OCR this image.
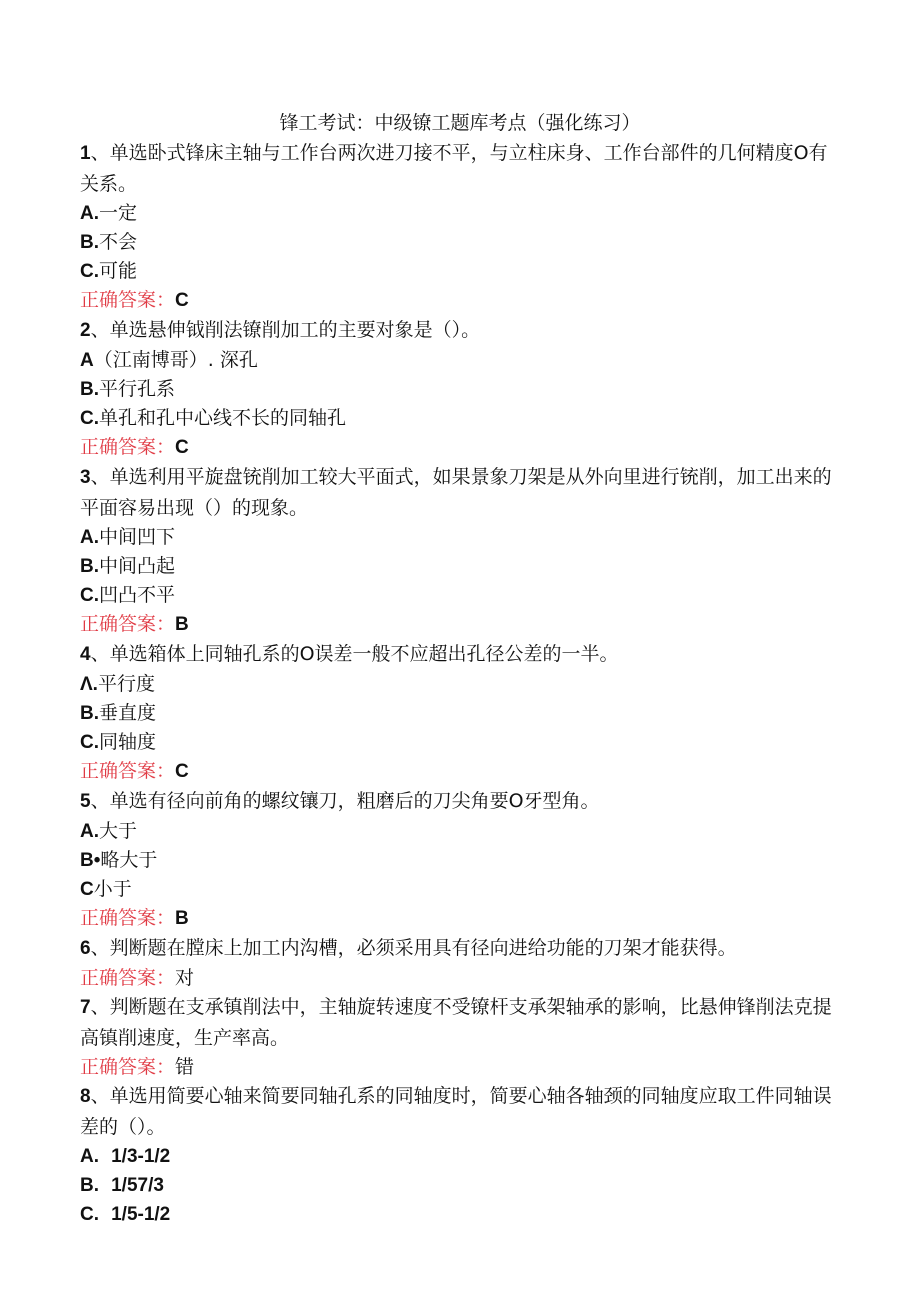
锋工考试：中级镣工题库考点（强化练习）
1、单选卧式锋床主轴与工作台两次进刀接不平，与立柱床身、工作台部件的几何精度O有关系。
A.一定
B.不会
C.可能
正确答案：C
2、单选悬伸钺削法镣削加工的主要对象是（）。
A（江南博哥）. 深孔
B.平行孔系
C.单孔和孔中心线不长的同轴孔
正确答案：C
3、单选利用平旋盘铳削加工较大平面式，如果景象刀架是从外向里进行铳削，加工出来的平面容易出现（）的现象。
A.中间凹下
B.中间凸起
C.凹凸不平
正确答案：B
4、单选箱体上同轴孔系的O误差一般不应超出孔径公差的一半。
Λ.平行度
B.垂直度
C.同轴度
正确答案：C
5、单选有径向前角的螺纹镶刀，粗磨后的刀尖角要O牙型角。
A.大于
B•略大于
C小于
正确答案：B
6、判断题在膛床上加工内沟槽，必须采用具有径向进给功能的刀架才能获得。
正确答案：对
7、判断题在支承镇削法中，主轴旋转速度不受镣杆支承架轴承的影响，比悬伸锋削法克提高镇削速度，生产率高。
正确答案：错
8、单选用简要心轴来简要同轴孔系的同轴度时，简要心轴各轴颈的同轴度应取工件同轴误差的（）。
A. 1/3-1/2
B. 1/57/3
C. 1/5-1/2
